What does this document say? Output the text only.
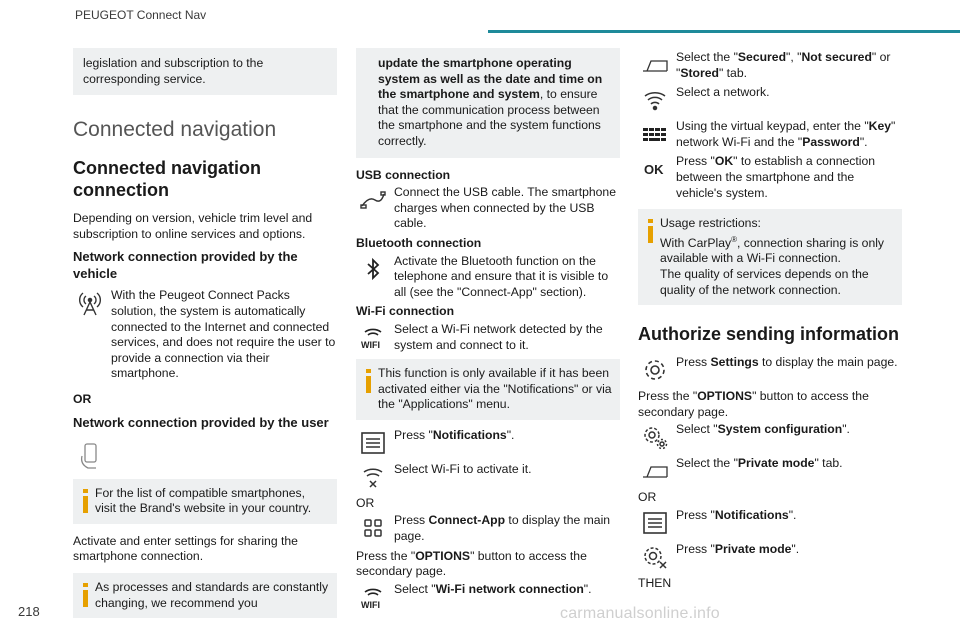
PEUGEOT Connect Nav

legislation and subscription to the corresponding service.

Connected navigation
Connected navigation connection

Depending on version, vehicle trim level and subscription to online services and options.

Network connection provided by the vehicle

With the Peugeot Connect Packs solution, the system is automatically connected to the Internet and connected services, and does not require the user to provide a connection via their smartphone.

OR

Network connection provided by the user

For the list of compatible smartphones, visit the Brand's website in your country.

Activate and enter settings for sharing the smartphone connection.

As processes and standards are constantly changing, we recommend you

update the smartphone operating system as well as the date and time on the smartphone and system, to ensure that the communication process between the smartphone and the system functions correctly.

USB connection

Connect the USB cable. The smartphone charges when connected by the USB cable.

Bluetooth connection

Activate the Bluetooth function on the telephone and ensure that it is visible to all (see the "Connect-App" section).

Wi-Fi connection

WIFI

Select a Wi-Fi network detected by the system and connect to it.

This function is only available if it has been activated either via the "Notifications" or via the "Applications" menu.

Press "Notifications".

Select Wi-Fi to activate it.

OR

Press Connect-App to display the main page.

Press the "OPTIONS" button to access the secondary page.

WIFI

Select "Wi-Fi network connection".

Select the "Secured", "Not secured" or "Stored" tab.

Select a network.

Using the virtual keypad, enter the "Key" network Wi-Fi and the "Password".

OK

Press "OK" to establish a connection between the smartphone and the vehicle's system.

Usage restrictions:

With CarPlay®, connection sharing is only available with a Wi-Fi connection.

The quality of services depends on the quality of the network connection.

Authorize sending information

Press Settings to display the main page.

Press the "OPTIONS" button to access the secondary page.

Select "System configuration".

Select the "Private mode" tab.

OR

Press "Notifications".

Press "Private mode".

THEN

218	carmanualsonline.info
